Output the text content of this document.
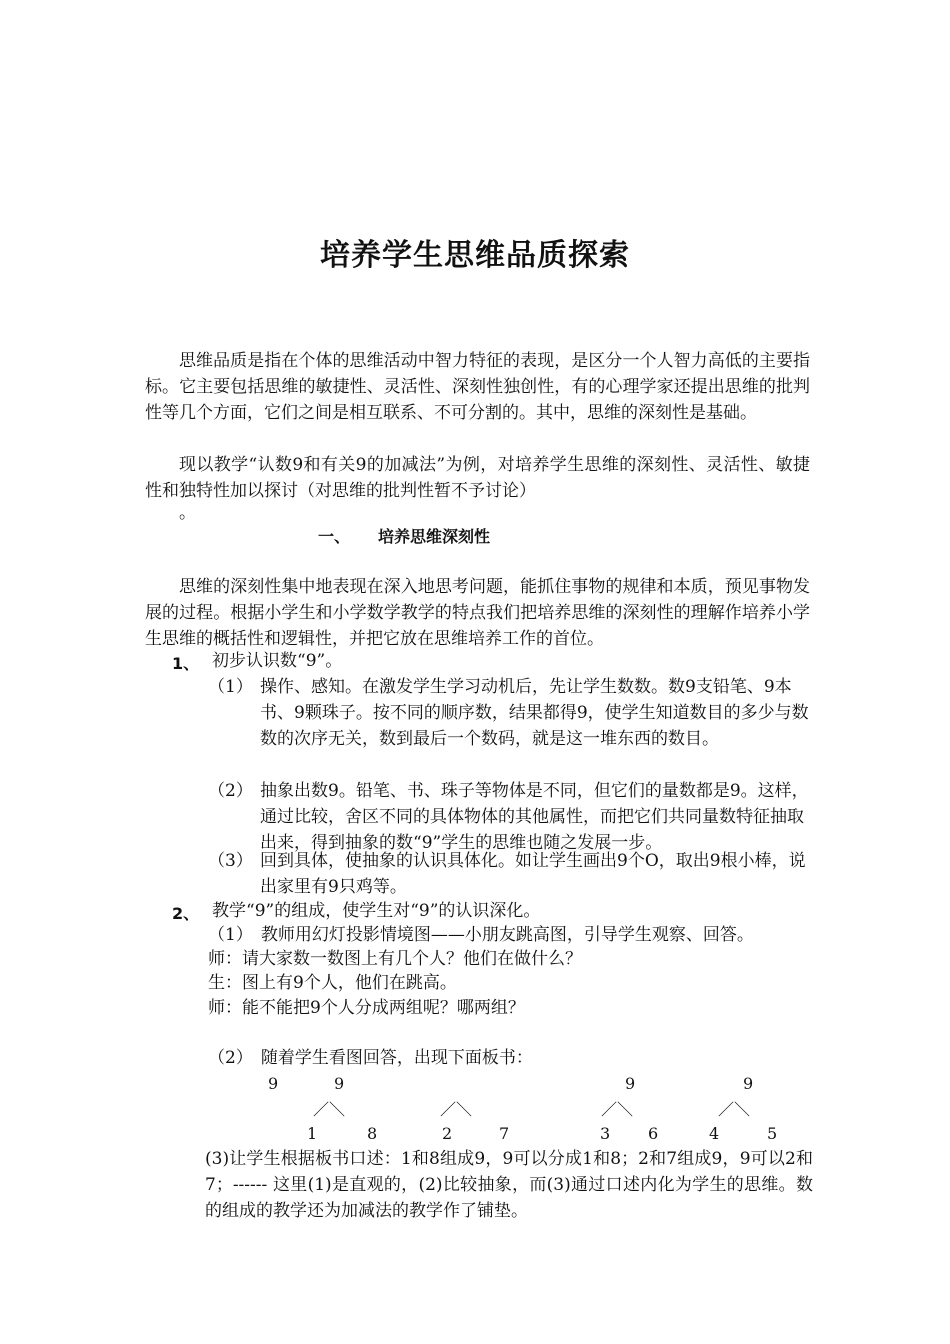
培养学生思维品质探索

思维品质是指在个体的思维活动中智力特征的表现，是区分一个人智力高低的主要指标。它主要包括思维的敏捷性、灵活性、深刻性独创性，有的心理学家还提出思维的批判性等几个方面，它们之间是相互联系、不可分割的。其中，思维的深刻性是基础。

现以教学“认数9和有关9的加减法”为例，对培养学生思维的深刻性、灵活性、敏捷性和独特性加以探讨（对思维的批判性暂不予讨论）

。

一、 培养思维深刻性

思维的深刻性集中地表现在深入地思考问题，能抓住事物的规律和本质，预见事物发展的过程。根据小学生和小学数学教学的特点我们把培养思维的深刻性的理解作培养小学生思维的概括性和逻辑性，并把它放在思维培养工作的首位。

1、 初步认识数“9”。
（1） 操作、感知。在激发学生学习动机后，先让学生数数。数9支铅笔、9本书、9颗珠子。按不同的顺序数，结果都得9，使学生知道数目的多少与数数的次序无关，数到最后一个数码，就是这一堆东西的数目。
（2） 抽象出数9。铅笔、书、珠子等物体是不同，但它们的量数都是9。这样，通过比较，舍区不同的具体物体的其他属性，而把它们共同量数特征抽取出来，得到抽象的数“9”学生的思维也随之发展一步。
（3） 回到具体，使抽象的认识具体化。如让学生画出9个O，取出9根小棒，说出家里有9只鸡等。
2、 教学“9”的组成，使学生对“9”的认识深化。
（1） 教师用幻灯投影情境图——小朋友跳高图，引导学生观察、回答。
师：请大家数一数图上有几个人？他们在做什么？
生：图上有9个人，他们在跳高。
师：能不能把9个人分成两组呢？哪两组？
（2） 随着学生看图回答，出现下面板书：
9	9	9	9
／＼	／＼	／＼	／＼
1	8	2	7	3 6	4	5

(3)让学生根据板书口述：1和8组成9，9可以分成1和8；2和7组成9，9可以2和7；------ 这里(1)是直观的，(2)比较抽象，而(3)通过口述内化为学生的思维。数的组成的教学还为加减法的教学作了铺垫。
